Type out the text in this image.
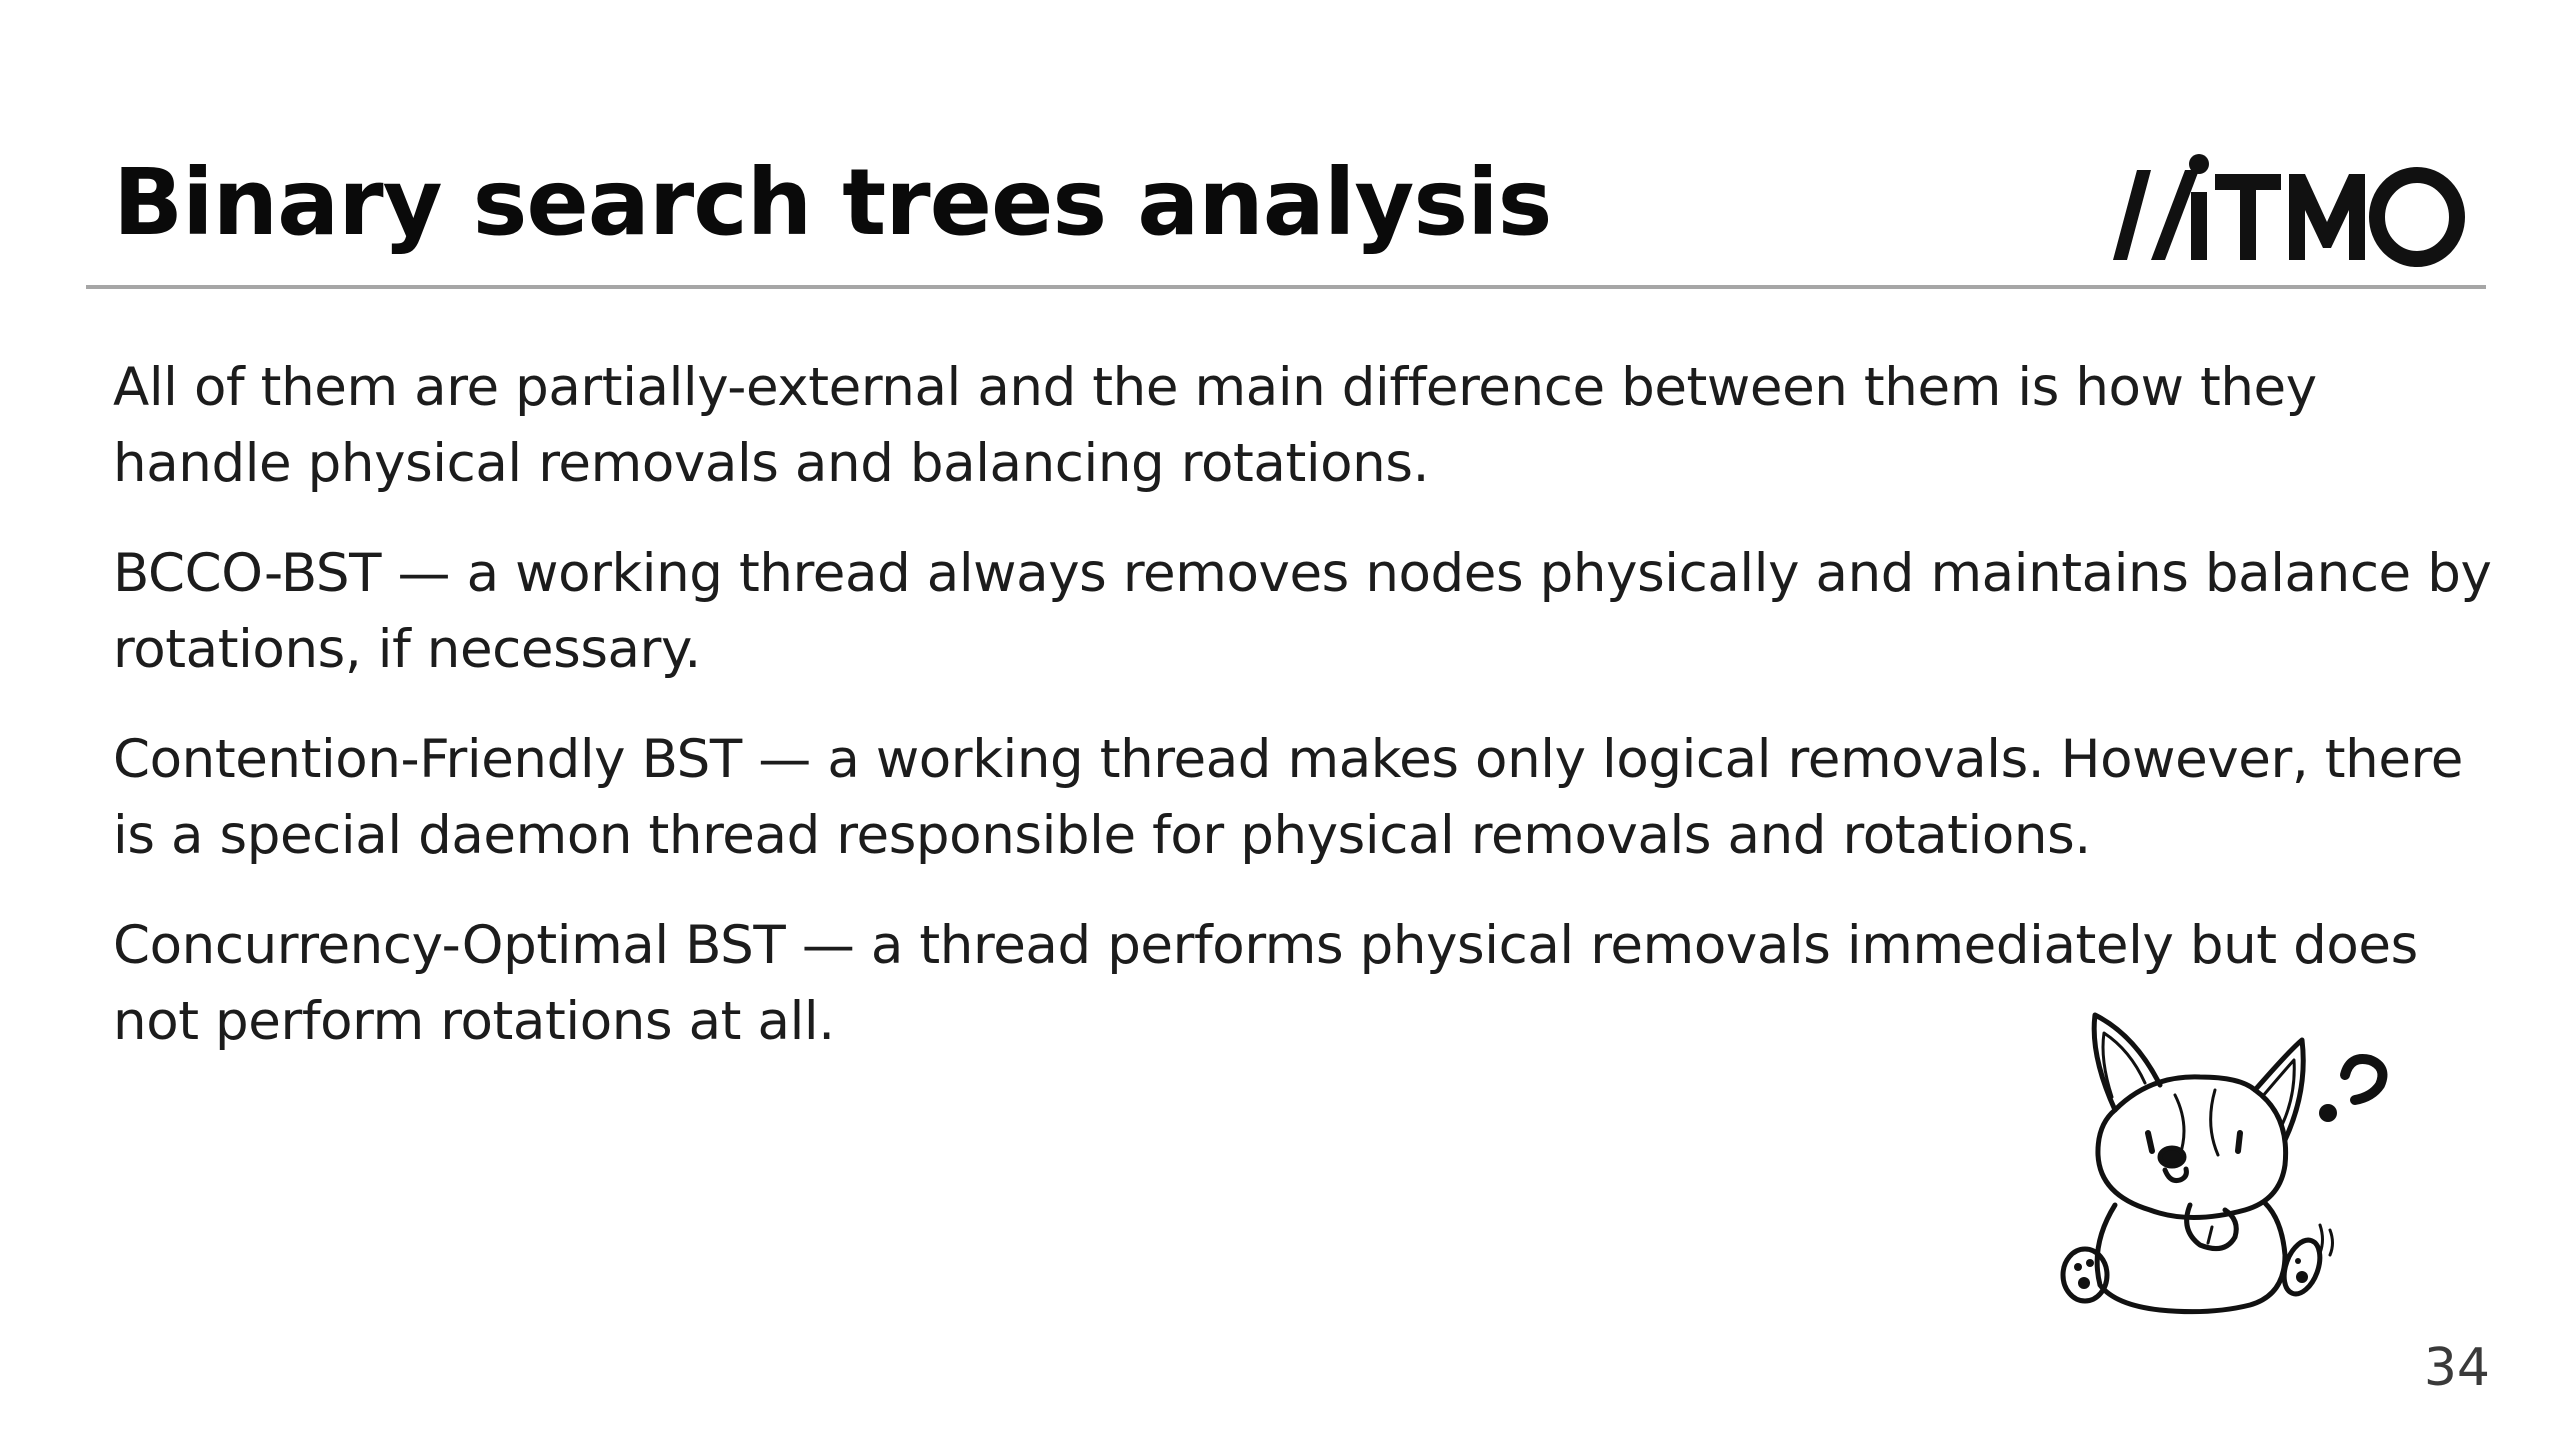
Binary search trees analysis

All of them are partially-external and the main difference between them is how they handle physical removals and balancing rotations.

BCCO-BST — a working thread always removes nodes physically and maintains balance by rotations, if necessary.

Contention-Friendly BST — a working thread makes only logical removals. However, there is a special daemon thread responsible for physical removals and rotations.

Concurrency-Optimal BST — a thread performs physical removals immediately but does not perform rotations at all.

34
